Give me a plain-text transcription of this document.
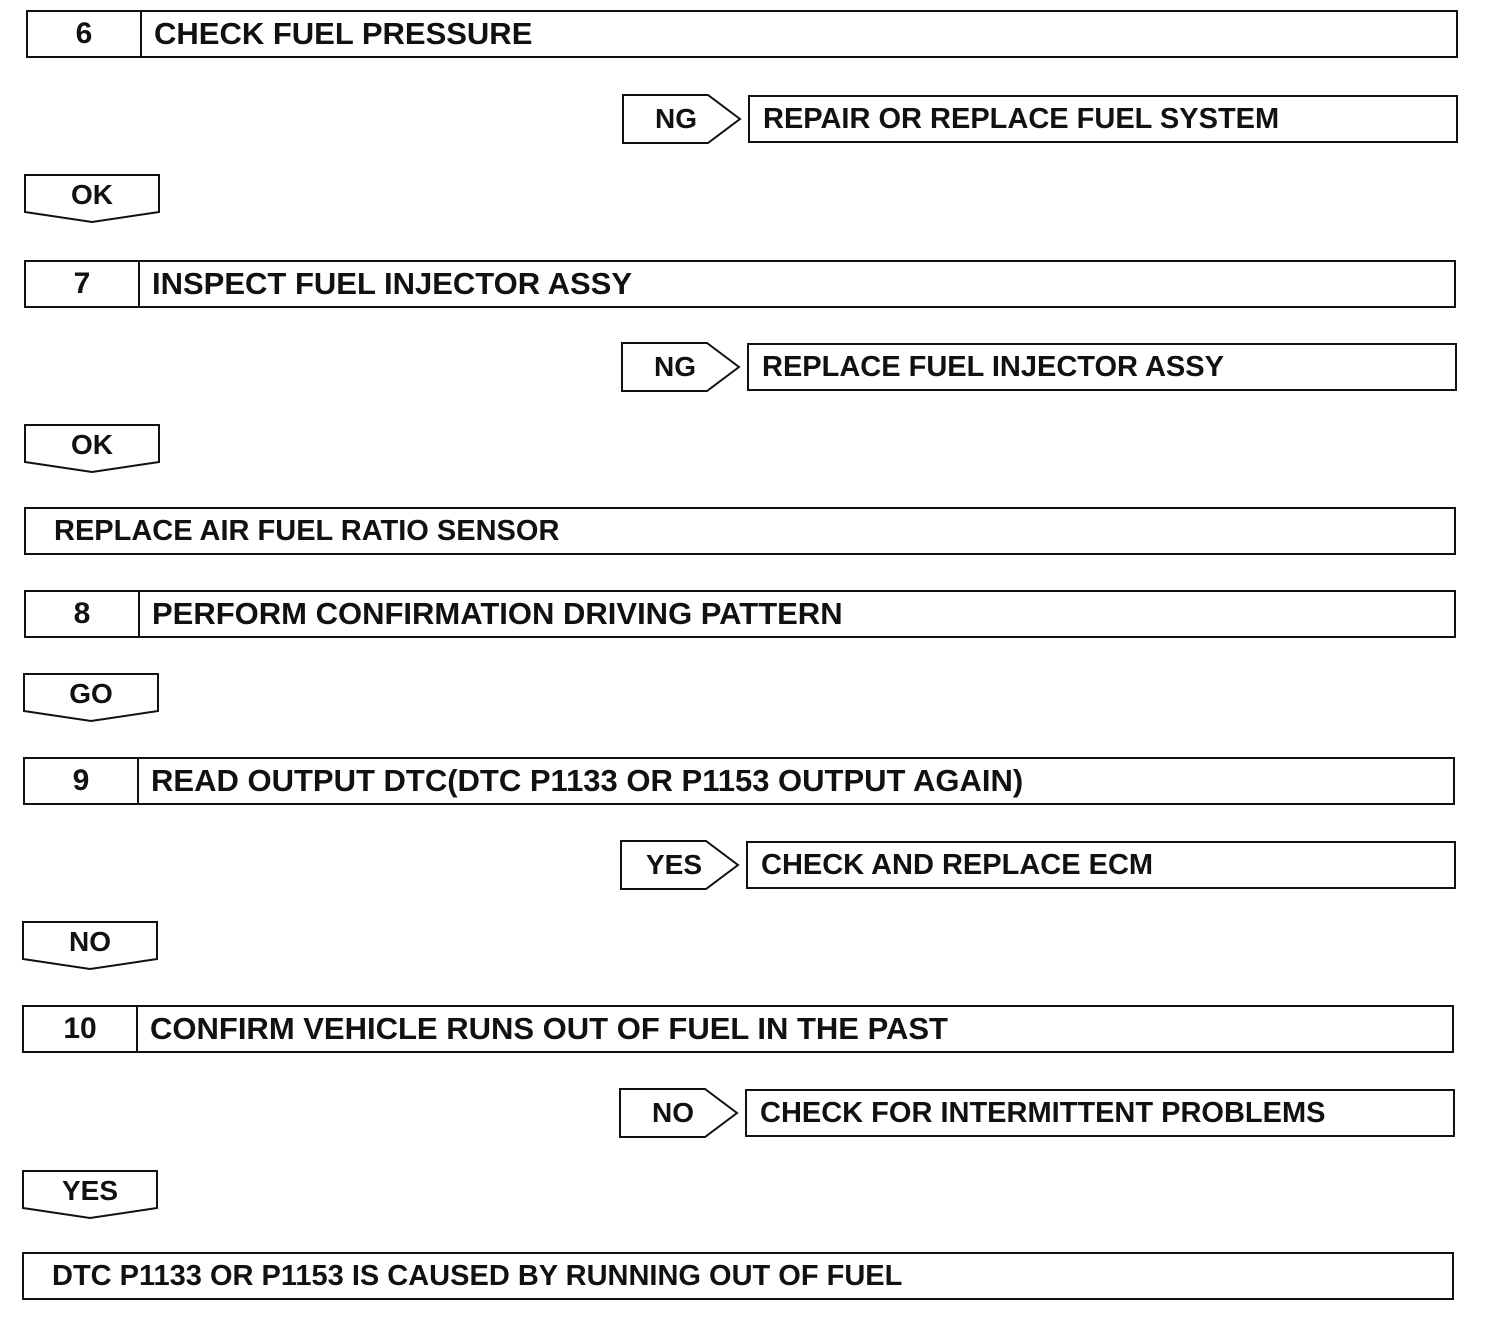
6	CHECK FUEL PRESSURE
NG	REPAIR OR REPLACE FUEL SYSTEM
OK
7	INSPECT FUEL INJECTOR ASSY
NG	REPLACE FUEL INJECTOR ASSY
OK
REPLACE AIR FUEL RATIO SENSOR
8	PERFORM CONFIRMATION DRIVING PATTERN
GO
9	READ OUTPUT DTC(DTC P1133 OR P1153 OUTPUT AGAIN)
YES	CHECK AND REPLACE ECM
NO
10	CONFIRM VEHICLE RUNS OUT OF FUEL IN THE PAST
NO	CHECK FOR INTERMITTENT PROBLEMS
YES
DTC P1133 OR P1153 IS CAUSED BY RUNNING OUT OF FUEL
